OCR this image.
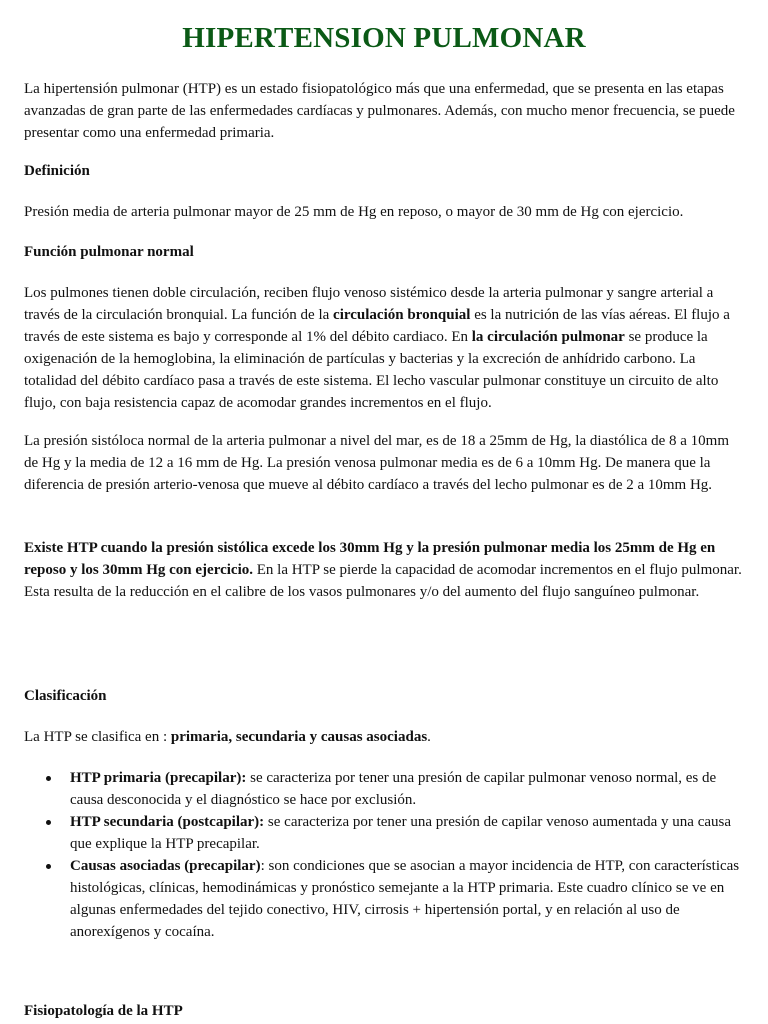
HIPERTENSION PULMONAR

La hipertensión pulmonar (HTP) es un estado fisiopatológico más que una enfermedad, que se presenta en las etapas avanzadas de gran parte de las enfermedades cardíacas y pulmonares. Además, con mucho menor frecuencia, se puede presentar como una enfermedad primaria.

Definición

Presión media de arteria pulmonar mayor de 25 mm de Hg en reposo, o mayor de 30 mm de Hg con ejercicio.

Función pulmonar normal

Los pulmones tienen doble circulación, reciben flujo venoso sistémico desde la arteria pulmonar y sangre arterial a través de la circulación bronquial. La función de la circulación bronquial es la nutrición de las vías aéreas. El flujo a través de este sistema es bajo y corresponde al 1% del débito cardiaco. En la circulación pulmonar se produce la oxigenación de la hemoglobina, la eliminación de partículas y bacterias y la excreción de anhídrido carbono. La totalidad del débito cardíaco pasa a través de este sistema. El lecho vascular pulmonar constituye un circuito de alto flujo, con baja resistencia capaz de acomodar grandes incrementos en el flujo.

La presión sistóloca normal de la arteria pulmonar a nivel del mar, es de 18 a 25mm de Hg, la diastólica de 8 a 10mm de Hg y la media de 12 a 16 mm de Hg. La presión venosa pulmonar media es de 6 a 10mm Hg. De manera que la diferencia de presión arterio-venosa que mueve al débito cardíaco a través del lecho pulmonar es de 2 a 10mm Hg.

Existe HTP cuando la presión sistólica excede los 30mm Hg y la presión pulmonar media los 25mm de Hg en reposo y los 30mm Hg con ejercicio. En la HTP se pierde la capacidad de acomodar incrementos en el flujo pulmonar. Esta resulta de la reducción en el calibre de los vasos pulmonares y/o del aumento del flujo sanguíneo pulmonar.

Clasificación

La HTP se clasifica en : primaria, secundaria y causas asociadas.

HTP primaria (precapilar): se caracteriza por tener una presión de capilar pulmonar venoso normal, es de causa desconocida y el diagnóstico se hace por exclusión.
HTP secundaria (postcapilar): se caracteriza por tener una presión de capilar venoso aumentada y una causa que explique la HTP precapilar.
Causas asociadas (precapilar): son condiciones que se asocian a mayor incidencia de HTP, con características histológicas, clínicas, hemodinámicas y pronóstico semejante a la HTP primaria. Este cuadro clínico se ve en algunas enfermedades del tejido conectivo, HIV, cirrosis + hipertensión portal, y en relación al uso de anorexígenos y cocaína.

Fisiopatología de la HTP
